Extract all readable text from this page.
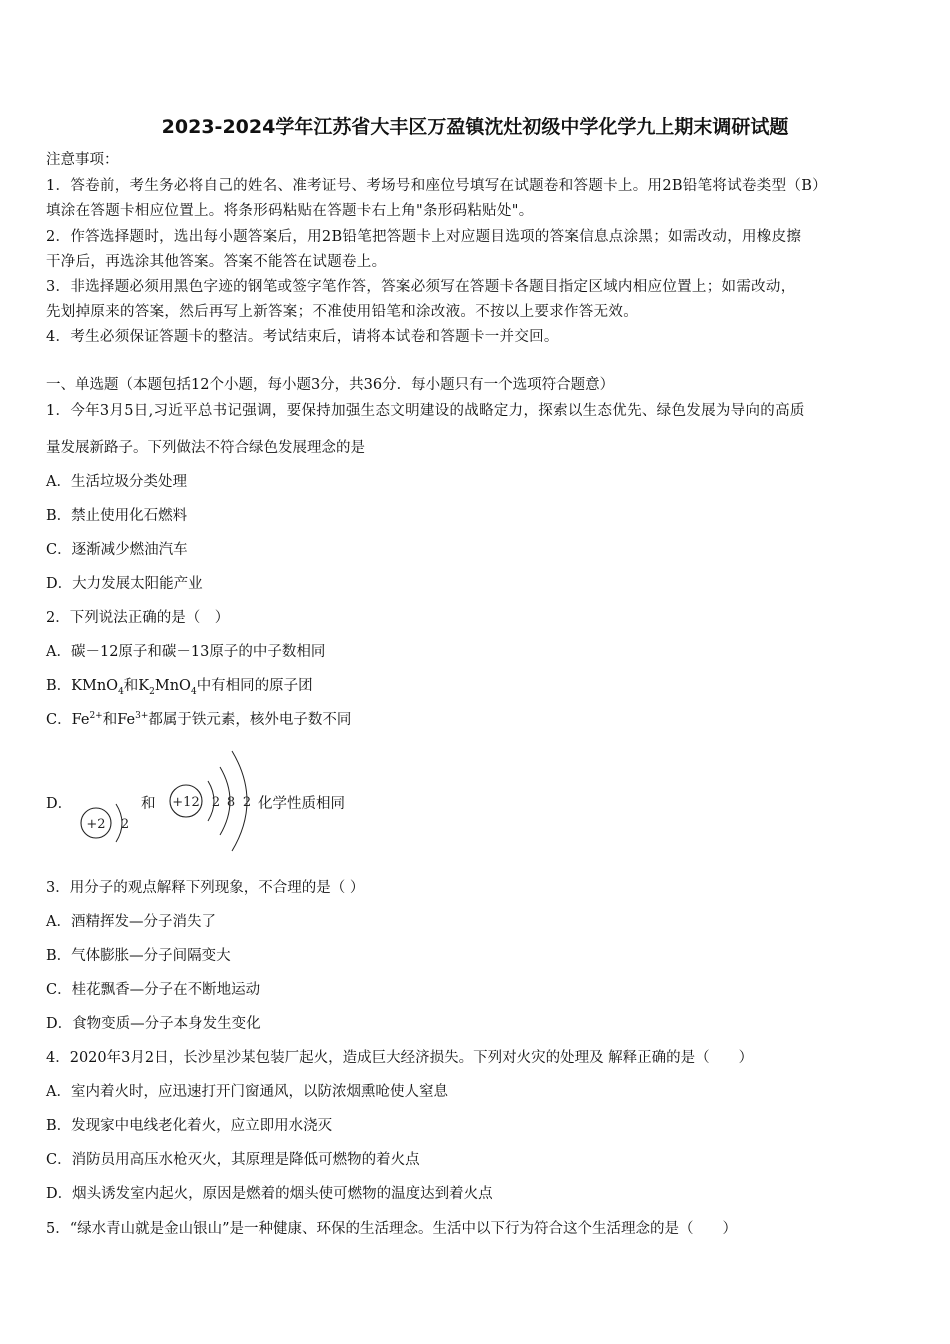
2023-2024学年江苏省大丰区万盈镇沈灶初级中学化学九上期末调研试题
注意事项：
1．答卷前，考生务必将自己的姓名、准考证号、考场号和座位号填写在试题卷和答题卡上。用2B铅笔将试卷类型（B）
填涂在答题卡相应位置上。将条形码粘贴在答题卡右上角"条形码粘贴处"。
2．作答选择题时，选出每小题答案后，用2B铅笔把答题卡上对应题目选项的答案信息点涂黑；如需改动，用橡皮擦
干净后，再选涂其他答案。答案不能答在试题卷上。
3．非选择题必须用黑色字迹的钢笔或签字笔作答，答案必须写在答题卡各题目指定区域内相应位置上；如需改动，
先划掉原来的答案，然后再写上新答案；不准使用铅笔和涂改液。不按以上要求作答无效。
4．考生必须保证答题卡的整洁。考试结束后，请将本试卷和答题卡一并交回。
一、单选题（本题包括12个小题，每小题3分，共36分．每小题只有一个选项符合题意）
1．今年3月5日,习近平总书记强调，要保持加强生态文明建设的战略定力，探索以生态优先、绿色发展为导向的高质
量发展新路子。下列做法不符合绿色发展理念的是
A．生活垃圾分类处理
B．禁止使用化石燃料
C．逐渐减少燃油汽车
D．大力发展太阳能产业
2．下列说法正确的是（　）
A．碳－12原子和碳－13原子的中子数相同
B．KMnO$_4$和$K_2MnO_4$中有相同的原子团
C．$Fe^{2+}$和$Fe^{3+}$都属于铁元素，核外电子数不同
D．	和	化学性质相同
+2 2
+12 2 8 2
3．用分子的观点解释下列现象，不合理的是（ ）
A．酒精挥发—分子消失了
B．气体膨胀—分子间隔变大
C．桂花飘香—分子在不断地运动
D．食物变质—分子本身发生变化
4．2020年3月2日，长沙星沙某包装厂起火，造成巨大经济损失。下列对火灾的处理及 解释正确的是（　　）
A．室内着火时，应迅速打开门窗通风，以防浓烟熏呛使人窒息
B．发现家中电线老化着火，应立即用水浇灭
C．消防员用高压水枪灭火，其原理是降低可燃物的着火点
D．烟头诱发室内起火，原因是燃着的烟头使可燃物的温度达到着火点
5．“绿水青山就是金山银山”是一种健康、环保的生活理念。生活中以下行为符合这个生活理念的是（　　）
